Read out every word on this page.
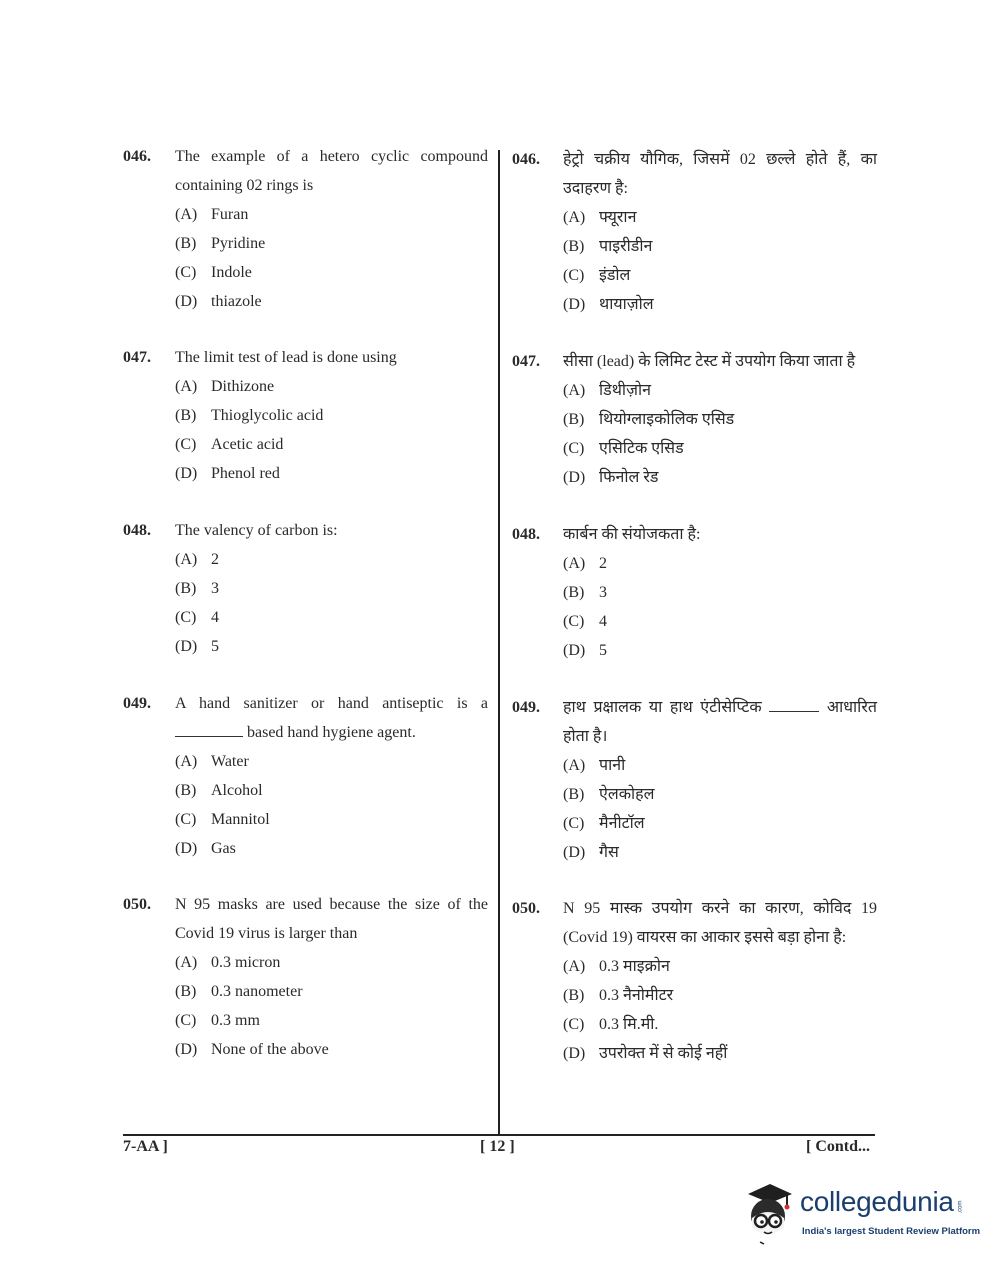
046. The example of a hetero cyclic compound containing 02 rings is
(A) Furan
(B) Pyridine
(C) Indole
(D) thiazole
047. The limit test of lead is done using
(A) Dithizone
(B) Thioglycolic acid
(C) Acetic acid
(D) Phenol red
048. The valency of carbon is:
(A) 2
(B) 3
(C) 4
(D) 5
049. A hand sanitizer or hand antiseptic is a  based hand hygiene agent.
(A) Water
(B) Alcohol
(C) Mannitol
(D) Gas
050. N 95 masks are used because the size of the Covid 19 virus is larger than
(A) 0.3 micron
(B) 0.3 nanometer
(C) 0.3 mm
(D) None of the above
046. हेट्रो चक्रीय यौगिक, जिसमें 02 छल्ले होते हैं, का उदाहरण है:
(A) फ्यूरान
(B) पाइरीडीन
(C) इंडोल
(D) थायाज़ोल
047. सीसा (lead) के लिमिट टेस्ट में उपयोग किया जाता है
(A) डिथीज़ोन
(B) थियोग्लाइकोलिक एसिड
(C) एसिटिक एसिड
(D) फिनोल रेड
048. कार्बन की संयोजकता है:
(A) 2
(B) 3
(C) 4
(D) 5
049. हाथ प्रक्षालक या हाथ एंटीसेप्टिक	आधारित होता है।
(A) पानी
(B) ऐलकोहल
(C) मैनीटॉल
(D) गैस
050. N 95 मास्क उपयोग करने का कारण, कोविद 19 (Covid 19) वायरस का आकार इससे बड़ा होना है:
(A) 0.3 माइक्रोन
(B) 0.3 नैनोमीटर
(C) 0.3 मि.मी.
(D) उपरोक्त में से कोई नहीं
7-AA ]	[ 12 ]	[ Contd...
collegedunia .com
India's largest Student Review Platform
